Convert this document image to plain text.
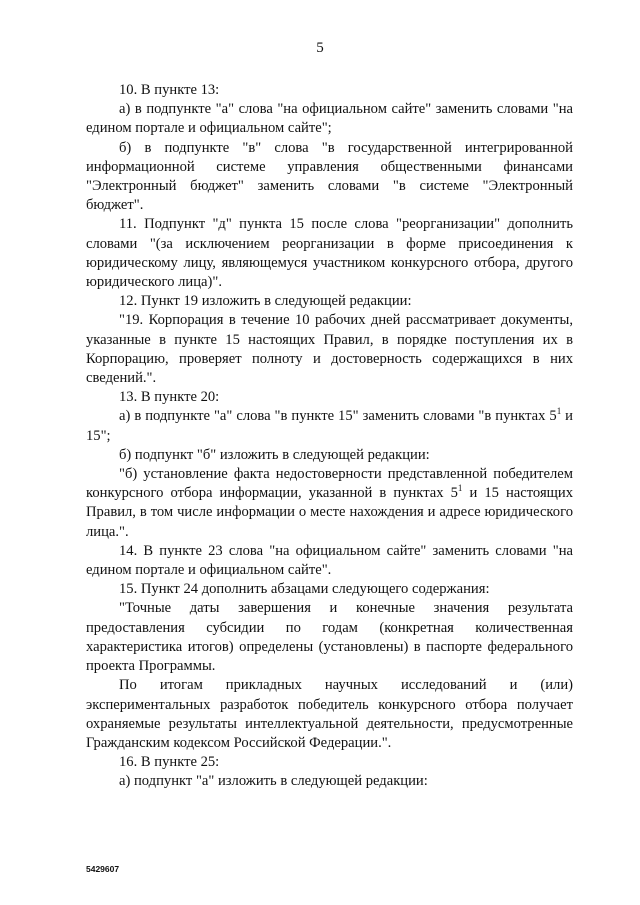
5

10. В пункте 13:

а) в подпункте "а" слова "на официальном сайте" заменить словами "на едином портале и официальном сайте";

б) в подпункте "в" слова "в государственной интегрированной информационной системе управления общественными финансами "Электронный бюджет" заменить словами "в системе "Электронный бюджет".

11. Подпункт "д" пункта 15 после слова "реорганизации" дополнить словами "(за исключением реорганизации в форме присоединения к юридическому лицу, являющемуся участником конкурсного отбора, другого юридического лица)".

12. Пункт 19 изложить в следующей редакции:

"19. Корпорация в течение 10 рабочих дней рассматривает документы, указанные в пункте 15 настоящих Правил, в порядке поступления их в Корпорацию, проверяет полноту и достоверность содержащихся в них сведений.".

13. В пункте 20:

а) в подпункте "а" слова "в пункте 15" заменить словами "в пунктах $5^1$ и 15";

б) подпункт "б" изложить в следующей редакции:

"б) установление факта недостоверности представленной победителем конкурсного отбора информации, указанной в пунктах $5^1$ и 15 настоящих Правил, в том числе информации о месте нахождения и адресе юридического лица.".

14. В пункте 23 слова "на официальном сайте" заменить словами "на едином портале и официальном сайте".

15. Пункт 24 дополнить абзацами следующего содержания:

"Точные даты завершения и конечные значения результата предоставления субсидии по годам (конкретная количественная характеристика итогов) определены (установлены) в паспорте федерального проекта Программы.

По итогам прикладных научных исследований и (или) экспериментальных разработок победитель конкурсного отбора получает охраняемые результаты интеллектуальной деятельности, предусмотренные Гражданским кодексом Российской Федерации.".

16. В пункте 25:

а) подпункт "а" изложить в следующей редакции:

5429607
